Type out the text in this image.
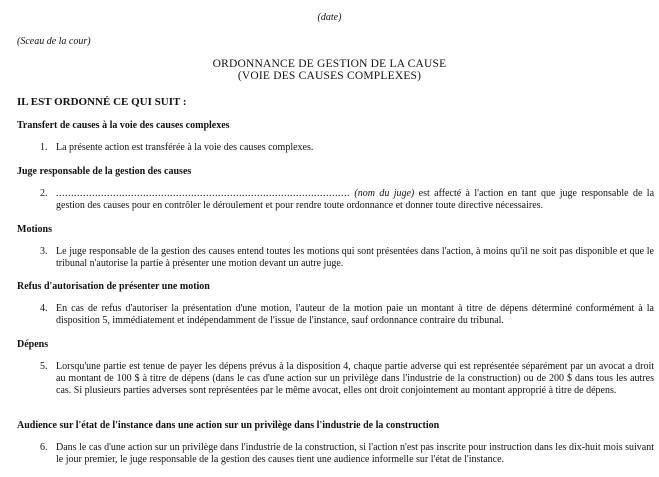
(date)
(Sceau de la cour)
ORDONNANCE DE GESTION DE LA CAUSE
(VOIE DES CAUSES COMPLEXES)
IL EST ORDONNÉ CE QUI SUIT :
Transfert de causes à la voie des causes complexes
1. La présente action est transférée à la voie des causes complexes.
Juge responsable de la gestion des causes
2. .................................................................................................. (nom du juge) est affecté à l'action en tant que juge responsable de la gestion des causes pour en contrôler le déroulement et pour rendre toute ordonnance et donner toute directive nécessaires.
Motions
3. Le juge responsable de la gestion des causes entend toutes les motions qui sont présentées dans l'action, à moins qu'il ne soit pas disponible et que le tribunal n'autorise la partie à présenter une motion devant un autre juge.
Refus d'autorisation de présenter une motion
4. En cas de refus d'autoriser la présentation d'une motion, l'auteur de la motion paie un montant à titre de dépens déterminé conformément à la disposition 5, immédiatement et indépendamment de l'issue de l'instance, sauf ordonnance contraire du tribunal.
Dépens
5. Lorsqu'une partie est tenue de payer les dépens prévus à la disposition 4, chaque partie adverse qui est représentée séparément par un avocat a droit au montant de 100 $ à titre de dépens (dans le cas d'une action sur un privilège dans l'industrie de la construction) ou de 200 $ dans tous les autres cas. Si plusieurs parties adverses sont représentées par le même avocat, elles ont droit conjointement au montant approprié à titre de dépens.
Audience sur l'état de l'instance dans une action sur un privilège dans l'industrie de la construction
6. Dans le cas d'une action sur un privilège dans l'industrie de la construction, si l'action n'est pas inscrite pour instruction dans les dix-huit mois suivant le jour premier, le juge responsable de la gestion des causes tient une audience informelle sur l'état de l'instance.
